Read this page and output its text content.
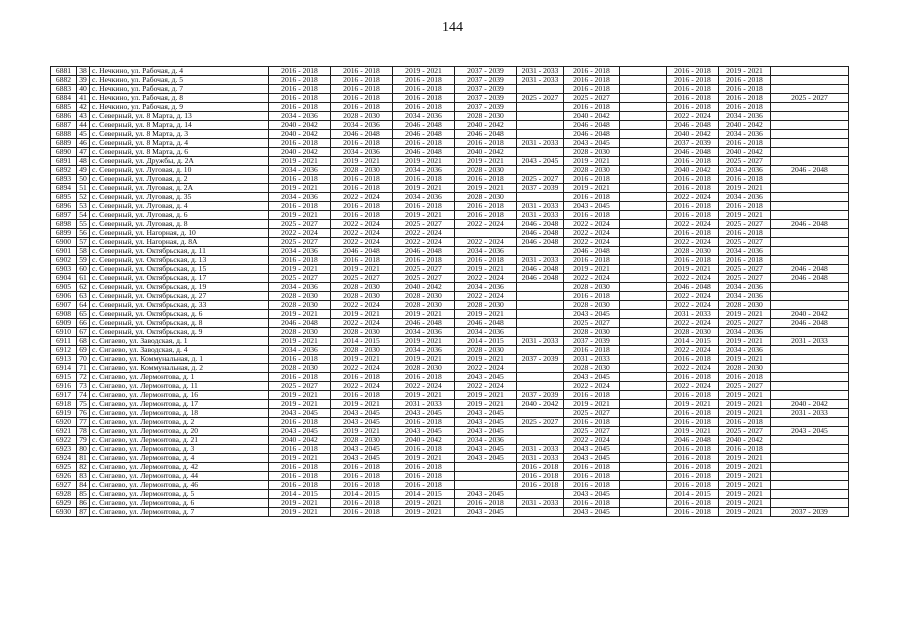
144
6881	38	с. Нечкино, ул. Рабочая, д. 4	2016 - 2018	2016 - 2018	2019 - 2021	2037 - 2039	2031 - 2033	2016 - 2018		2016 - 2018	2019 - 2021	
6882	39	с. Нечкино, ул. Рабочая, д. 5	2016 - 2018	2016 - 2018	2016 - 2018	2037 - 2039	2031 - 2033	2016 - 2018		2016 - 2018	2016 - 2018	
6883	40	с. Нечкино, ул. Рабочая, д. 7	2016 - 2018	2016 - 2018	2016 - 2018	2037 - 2039		2016 - 2018		2016 - 2018	2016 - 2018	
6884	41	с. Нечкино, ул. Рабочая, д. 8	2016 - 2018	2016 - 2018	2016 - 2018	2037 - 2039	2025 - 2027	2025 - 2027		2016 - 2018	2016 - 2018	2025 - 2027
6885	42	с. Нечкино, ул. Рабочая, д. 9	2016 - 2018	2016 - 2018	2016 - 2018	2037 - 2039		2016 - 2018		2016 - 2018	2016 - 2018	
6886	43	с. Северный, ул. 8 Марта, д. 13	2034 - 2036	2028 - 2030	2034 - 2036	2028 - 2030		2040 - 2042		2022 - 2024	2034 - 2036	
6887	44	с. Северный, ул. 8 Марта, д. 14	2040 - 2042	2034 - 2036	2046 - 2048	2040 - 2042		2046 - 2048		2046 - 2048	2040 - 2042	
6888	45	с. Северный, ул. 8 Марта, д. 3	2040 - 2042	2046 - 2048	2046 - 2048	2046 - 2048		2046 - 2048		2040 - 2042	2034 - 2036	
6889	46	с. Северный, ул. 8 Марта, д. 4	2016 - 2018	2016 - 2018	2016 - 2018	2016 - 2018	2031 - 2033	2043 - 2045		2037 - 2039	2016 - 2018	
6890	47	с. Северный, ул. 8 Марта, д. 6	2040 - 2042	2034 - 2036	2046 - 2048	2040 - 2042		2028 - 2030		2046 - 2048	2040 - 2042	
6891	48	с. Северный, ул. Дружбы, д. 2А	2019 - 2021	2019 - 2021	2019 - 2021	2019 - 2021	2043 - 2045	2019 - 2021		2016 - 2018	2025 - 2027	
6892	49	с. Северный, ул. Луговая, д. 10	2034 - 2036	2028 - 2030	2034 - 2036	2028 - 2030		2028 - 2030		2040 - 2042	2034 - 2036	2046 - 2048
6893	50	с. Северный, ул. Луговая, д. 2	2016 - 2018	2016 - 2018	2016 - 2018	2016 - 2018	2025 - 2027	2016 - 2018		2016 - 2018	2016 - 2018	
6894	51	с. Северный, ул. Луговая, д. 2А	2019 - 2021	2016 - 2018	2019 - 2021	2019 - 2021	2037 - 2039	2019 - 2021		2016 - 2018	2019 - 2021	
6895	52	с. Северный, ул. Луговая, д. 35	2034 - 2036	2022 - 2024	2034 - 2036	2028 - 2030		2016 - 2018		2022 - 2024	2034 - 2036	
6896	53	с. Северный, ул. Луговая, д. 4	2016 - 2018	2016 - 2018	2016 - 2018	2016 - 2018	2031 - 2033	2043 - 2045		2016 - 2018	2016 - 2018	
6897	54	с. Северный, ул. Луговая, д. 6	2019 - 2021	2016 - 2018	2019 - 2021	2016 - 2018	2031 - 2033	2016 - 2018		2016 - 2018	2019 - 2021	
6898	55	с. Северный, ул. Луговая, д. 8	2025 - 2027	2022 - 2024	2025 - 2027	2022 - 2024	2046 - 2048	2022 - 2024		2022 - 2024	2025 - 2027	2046 - 2048
6899	56	с. Северный, ул. Нагорная, д. 10	2022 - 2024	2022 - 2024	2022 - 2024		2046 - 2048	2022 - 2024		2016 - 2018	2016 - 2018	
6900	57	с. Северный, ул. Нагорная, д. 8А	2025 - 2027	2022 - 2024	2022 - 2024	2022 - 2024	2046 - 2048	2022 - 2024		2022 - 2024	2025 - 2027	
6901	58	с. Северный, ул. Октябрьская, д. 11	2034 - 2036	2046 - 2048	2046 - 2048	2034 - 2036		2046 - 2048		2028 - 2030	2034 - 2036	
6902	59	с. Северный, ул. Октябрьская, д. 13	2016 - 2018	2016 - 2018	2016 - 2018	2016 - 2018	2031 - 2033	2016 - 2018		2016 - 2018	2016 - 2018	
6903	60	с. Северный, ул. Октябрьская, д. 15	2019 - 2021	2019 - 2021	2025 - 2027	2019 - 2021	2046 - 2048	2019 - 2021		2019 - 2021	2025 - 2027	2046 - 2048
6904	61	с. Северный, ул. Октябрьская, д. 17	2025 - 2027	2025 - 2027	2025 - 2027	2022 - 2024	2046 - 2048	2022 - 2024		2022 - 2024	2025 - 2027	2046 - 2048
6905	62	с. Северный, ул. Октябрьская, д. 19	2034 - 2036	2028 - 2030	2040 - 2042	2034 - 2036		2028 - 2030		2046 - 2048	2034 - 2036	
6906	63	с. Северный, ул. Октябрьская, д. 27	2028 - 2030	2028 - 2030	2028 - 2030	2022 - 2024		2016 - 2018		2022 - 2024	2034 - 2036	
6907	64	с. Северный, ул. Октябрьская, д. 33	2028 - 2030	2022 - 2024	2028 - 2030	2028 - 2030		2028 - 2030		2022 - 2024	2028 - 2030	
6908	65	с. Северный, ул. Октябрьская, д. 6	2019 - 2021	2019 - 2021	2019 - 2021	2019 - 2021		2043 - 2045		2031 - 2033	2019 - 2021	2040 - 2042
6909	66	с. Северный, ул. Октябрьская, д. 8	2046 - 2048	2022 - 2024	2046 - 2048	2046 - 2048		2025 - 2027		2022 - 2024	2025 - 2027	2046 - 2048
6910	67	с. Северный, ул. Октябрьская, д. 9	2028 - 2030	2028 - 2030	2034 - 2036	2034 - 2036		2028 - 2030		2028 - 2030	2034 - 2036	
6911	68	с. Сигаево, ул. Заводская, д. 1	2019 - 2021	2014 - 2015	2019 - 2021	2014 - 2015	2031 - 2033	2037 - 2039		2014 - 2015	2019 - 2021	2031 - 2033
6912	69	с. Сигаево, ул. Заводская, д. 4	2034 - 2036	2028 - 2030	2034 - 2036	2028 - 2030		2016 - 2018		2022 - 2024	2034 - 2036	
6913	70	с. Сигаево, ул. Коммунальная, д. 1	2016 - 2018	2019 - 2021	2019 - 2021	2019 - 2021	2037 - 2039	2031 - 2033		2016 - 2018	2019 - 2021	
6914	71	с. Сигаево, ул. Коммунальная, д. 2	2028 - 2030	2022 - 2024	2028 - 2030	2022 - 2024		2028 - 2030		2022 - 2024	2028 - 2030	
6915	72	с. Сигаево, ул. Лермонтова, д. 1	2016 - 2018	2016 - 2018	2016 - 2018	2043 - 2045		2043 - 2045		2016 - 2018	2016 - 2018	
6916	73	с. Сигаево, ул. Лермонтова, д. 11	2025 - 2027	2022 - 2024	2022 - 2024	2022 - 2024		2022 - 2024		2022 - 2024	2025 - 2027	
6917	74	с. Сигаево, ул. Лермонтова, д. 16	2019 - 2021	2016 - 2018	2019 - 2021	2019 - 2021	2037 - 2039	2016 - 2018		2016 - 2018	2019 - 2021	
6918	75	с. Сигаево, ул. Лермонтова, д. 17	2019 - 2021	2019 - 2021	2031 - 2033	2019 - 2021	2040 - 2042	2019 - 2021		2019 - 2021	2019 - 2021	2040 - 2042
6919	76	с. Сигаево, ул. Лермонтова, д. 18	2043 - 2045	2043 - 2045	2043 - 2045	2043 - 2045		2025 - 2027		2016 - 2018	2019 - 2021	2031 - 2033
6920	77	с. Сигаево, ул. Лермонтова, д. 2	2016 - 2018	2043 - 2045	2016 - 2018	2043 - 2045	2025 - 2027	2016 - 2018		2016 - 2018	2016 - 2018	
6921	78	с. Сигаево, ул. Лермонтова, д. 20	2043 - 2045	2019 - 2021	2043 - 2045	2043 - 2045		2025 - 2027		2019 - 2021	2025 - 2027	2043 - 2045
6922	79	с. Сигаево, ул. Лермонтова, д. 21	2040 - 2042	2028 - 2030	2040 - 2042	2034 - 2036		2022 - 2024		2046 - 2048	2040 - 2042	
6923	80	с. Сигаево, ул. Лермонтова, д. 3	2016 - 2018	2043 - 2045	2016 - 2018	2043 - 2045	2031 - 2033	2043 - 2045		2016 - 2018	2016 - 2018	
6924	81	с. Сигаево, ул. Лермонтова, д. 4	2019 - 2021	2043 - 2045	2019 - 2021	2043 - 2045	2031 - 2033	2043 - 2045		2016 - 2018	2019 - 2021	
6925	82	с. Сигаево, ул. Лермонтова, д. 42	2016 - 2018	2016 - 2018	2016 - 2018		2016 - 2018	2016 - 2018		2016 - 2018	2019 - 2021	
6926	83	с. Сигаево, ул. Лермонтова, д. 44	2016 - 2018	2016 - 2018	2016 - 2018		2016 - 2018	2016 - 2018		2016 - 2018	2019 - 2021	
6927	84	с. Сигаево, ул. Лермонтова, д. 46	2016 - 2018	2016 - 2018	2016 - 2018		2016 - 2018	2016 - 2018		2016 - 2018	2019 - 2021	
6928	85	с. Сигаево, ул. Лермонтова, д. 5	2014 - 2015	2014 - 2015	2014 - 2015	2043 - 2045		2043 - 2045		2014 - 2015	2019 - 2021	
6929	86	с. Сигаево, ул. Лермонтова, д. 6	2019 - 2021	2016 - 2018	2019 - 2021	2016 - 2018	2031 - 2033	2016 - 2018		2016 - 2018	2019 - 2021	
6930	87	с. Сигаево, ул. Лермонтова, д. 7	2019 - 2021	2016 - 2018	2019 - 2021	2043 - 2045		2043 - 2045		2016 - 2018	2019 - 2021	2037 - 2039
